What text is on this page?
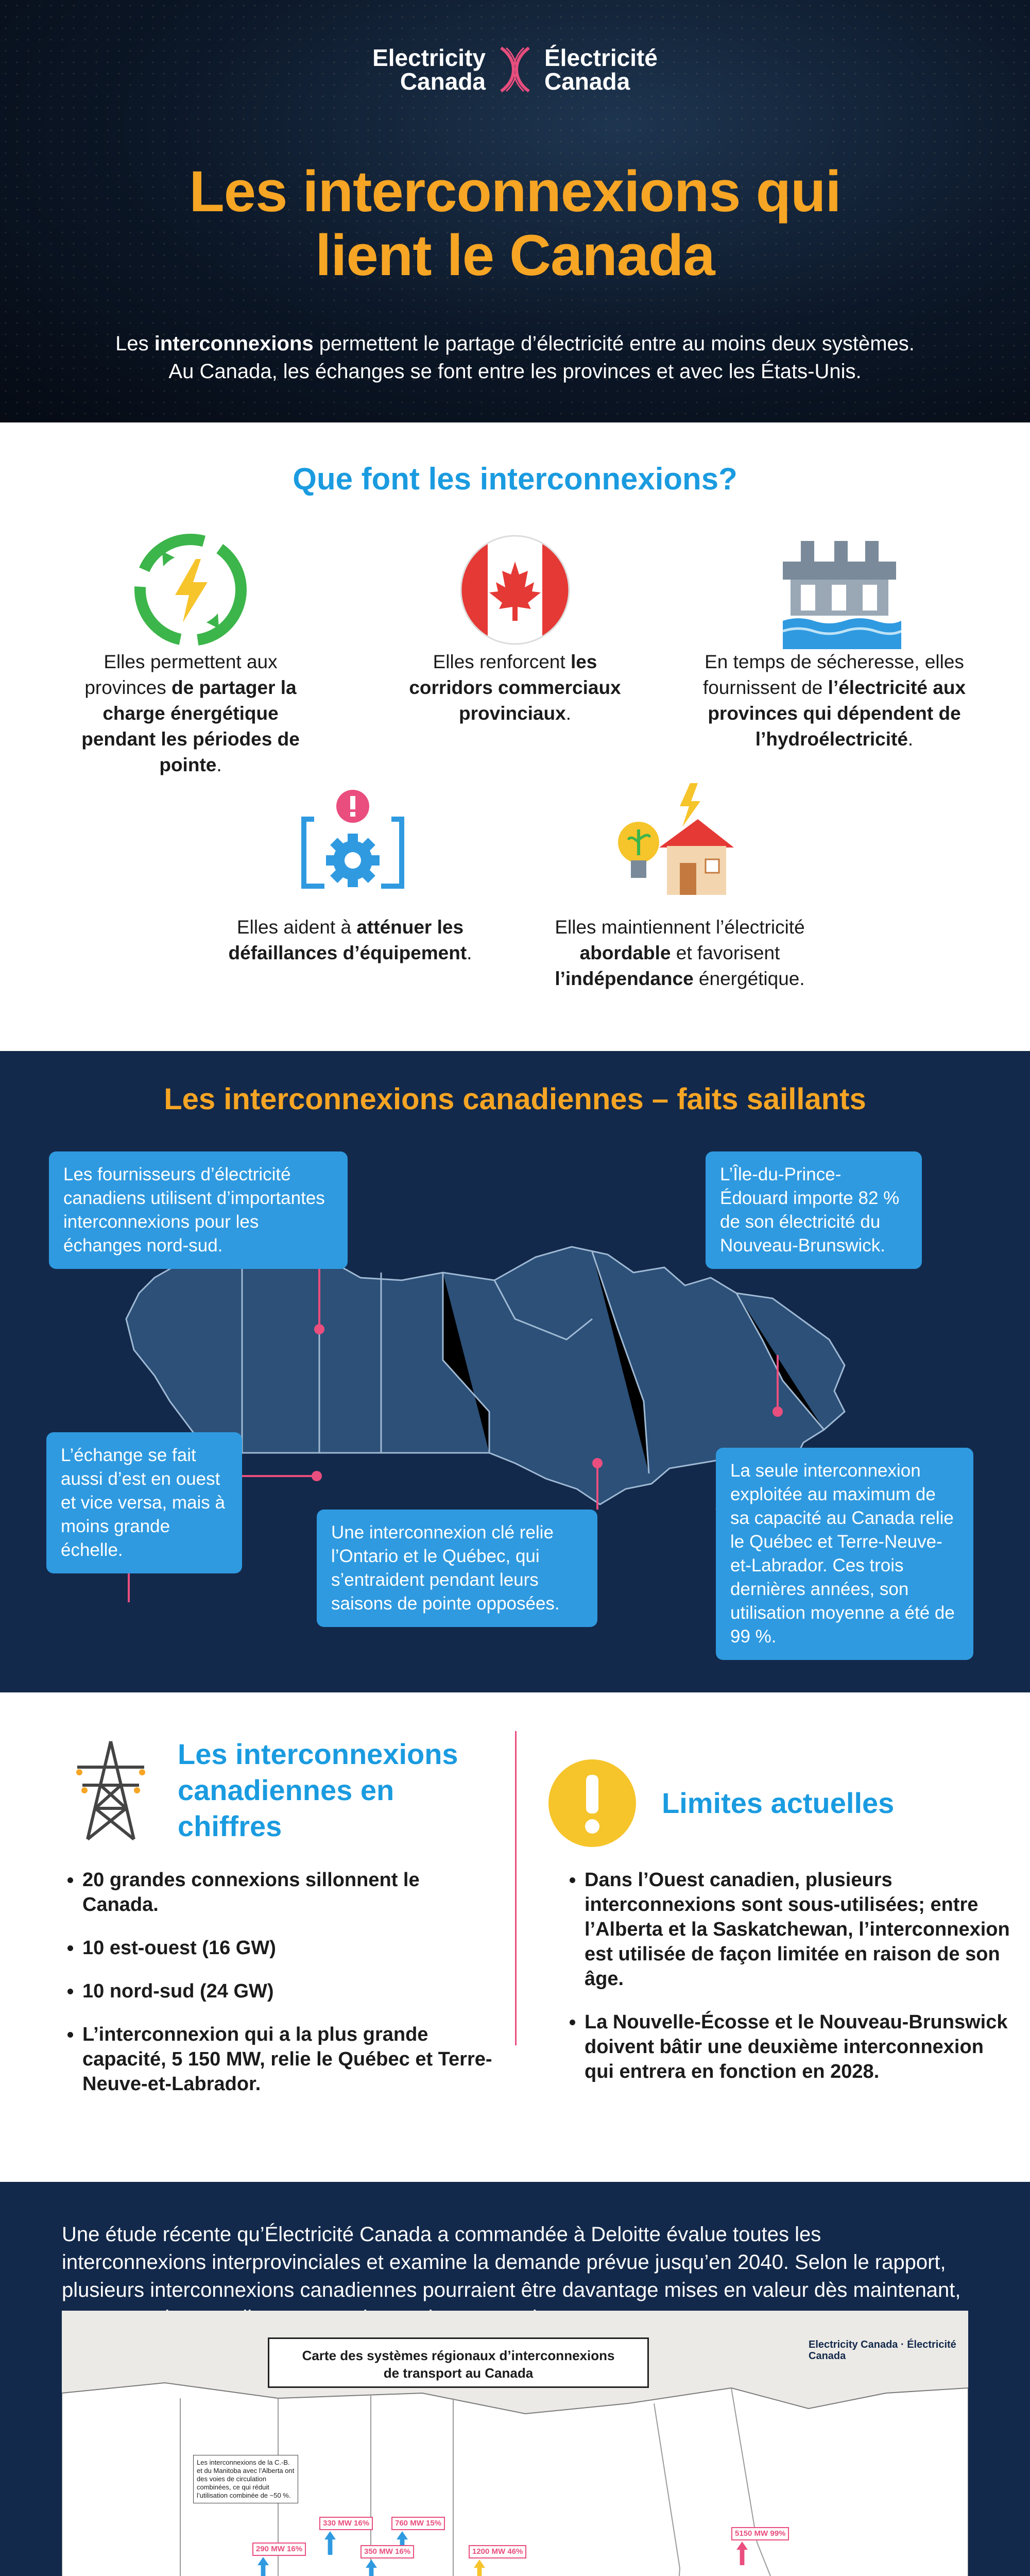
Electricity
Canada
Électricité
Canada
Les interconnexions qui
lient le Canada
Les interconnexions permettent le partage d’électricité entre au moins deux systèmes.
Au Canada, les échanges se font entre les provinces et avec les États-Unis.
Que font les interconnexions?
Elles permettent aux provinces de partager la charge énergétique pendant les périodes de pointe.
Elles renforcent les corridors commerciaux provinciaux.
En temps de sécheresse, elles fournissent de l’électricité aux provinces qui dépendent de l’hydroélectricité.
Elles aident à atténuer les défaillances d’équipement.
Elles maintiennent l’électricité abordable et favorisent l’indépendance énergétique.
Les interconnexions canadiennes – faits saillants
Les fournisseurs d’électricité canadiens utilisent d’importantes interconnexions pour les échanges nord-sud.
L’Île-du-Prince-Édouard importe 82 % de son électricité du Nouveau-Brunswick.
L’échange se fait aussi d’est en ouest et vice versa, mais à moins grande échelle.
Une interconnexion clé relie l’Ontario et le Québec, qui s’entraident pendant leurs saisons de pointe opposées.
La seule interconnexion exploitée au maximum de sa capacité au Canada relie le Québec et Terre-Neuve-et-Labrador. Ces trois dernières années, son utilisation moyenne a été de 99 %.
Les interconnexions
canadiennes en
chiffres
• 20 grandes connexions sillonnent le Canada.
• 10 est-ouest (16 GW)
• 10 nord-sud (24 GW)
• L’interconnexion qui a la plus grande capacité, 5 150 MW, relie le Québec et Terre-Neuve-et-Labrador.
Limites actuelles
• Dans l’Ouest canadien, plusieurs interconnexions sont sous-utilisées; entre l’Alberta et la Saskatchewan, l’interconnexion est utilisée de façon limitée en raison de son âge.
• La Nouvelle-Écosse et le Nouveau-Brunswick doivent bâtir une deuxième interconnexion qui entrera en fonction en 2028.
Une étude récente qu’Électricité Canada a commandée à Deloitte évalue toutes les interconnexions interprovinciales et examine la demande prévue jusqu’en 2040. Selon le rapport, plusieurs interconnexions canadiennes pourraient être davantage mises en valeur dès maintenant,
Carte des systèmes régionaux d’interconnexions
de transport au Canada
Electricity Canada · Électricité Canada
Les interconnexions de la C.-B. et du Manitoba avec l’Alberta ont des voies de circulation combinées, ce qui réduit l’utilisation combinée de ~50 %.
330 MW 16%	760 MW 15%
290 MW 16%	350 MW 16%	1200 MW 46%
5150 MW 99%
